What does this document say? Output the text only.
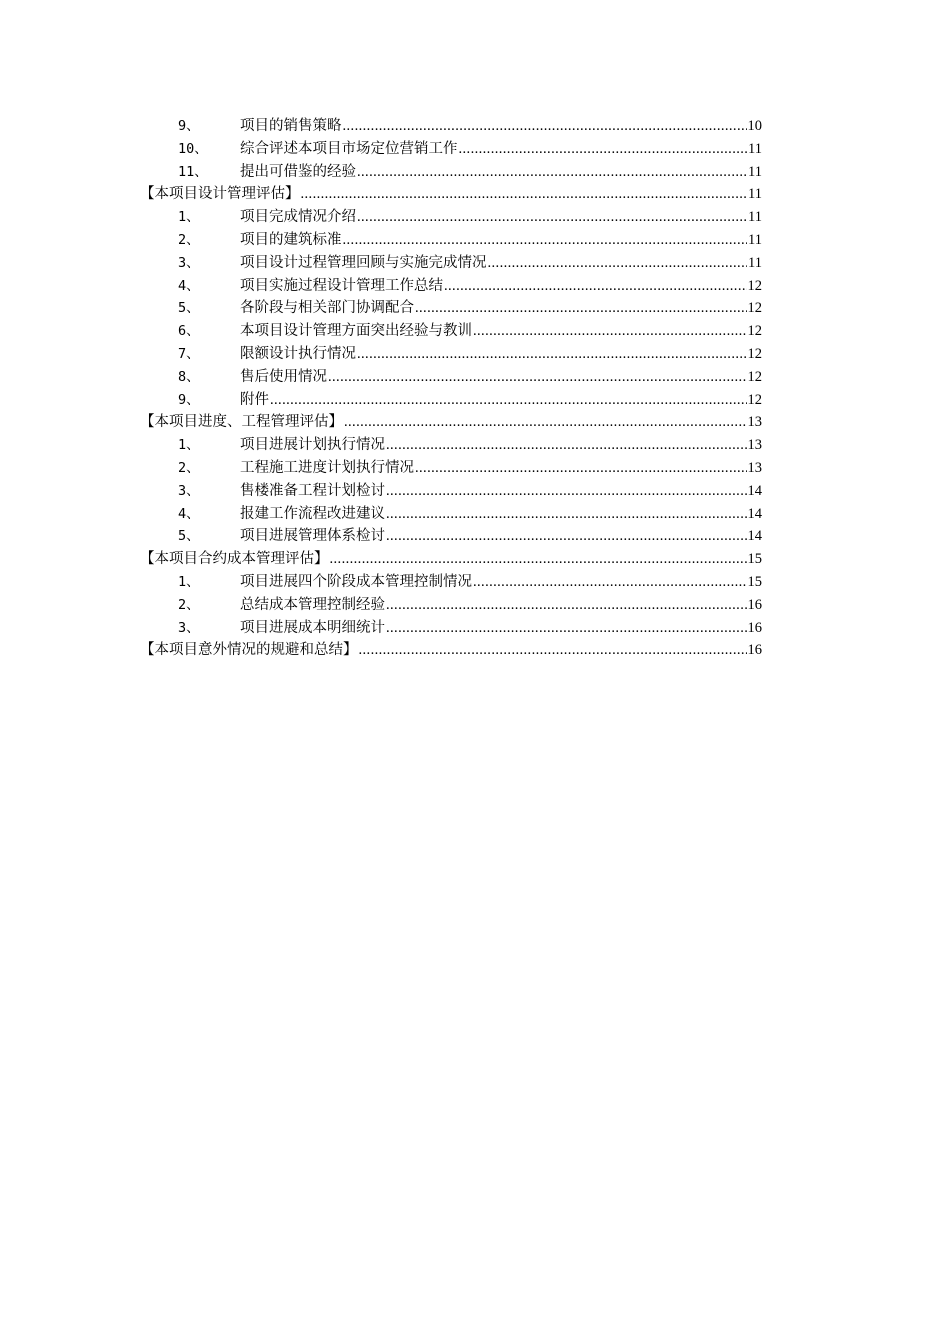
9、	项目的销售策略 .....	10
10、	综合评述本项目市场定位营销工作 .....	11
11、	提出可借鉴的经验 .....	11
【本项目设计管理评估】 .....	11
1、	项目完成情况介绍 .....	11
2、	项目的建筑标准 .....	11
3、	项目设计过程管理回顾与实施完成情况 .....	11
4、	项目实施过程设计管理工作总结 .....	12
5、	各阶段与相关部门协调配合 .....	12
6、	本项目设计管理方面突出经验与教训 .....	12
7、	限额设计执行情况 .....	12
8、	售后使用情况 .....	12
9、	附件 .....	12
【本项目进度、工程管理评估】 .....	13
1、	项目进展计划执行情况 .....	13
2、	工程施工进度计划执行情况 .....	13
3、	售楼准备工程计划检讨 .....	14
4、	报建工作流程改进建议 .....	14
5、	项目进展管理体系检讨 .....	14
【本项目合约成本管理评估】 .....	15
1、	项目进展四个阶段成本管理控制情况 .....	15
2、	总结成本管理控制经验 .....	16
3、	项目进展成本明细统计 .....	16
【本项目意外情况的规避和总结】 .....	16
